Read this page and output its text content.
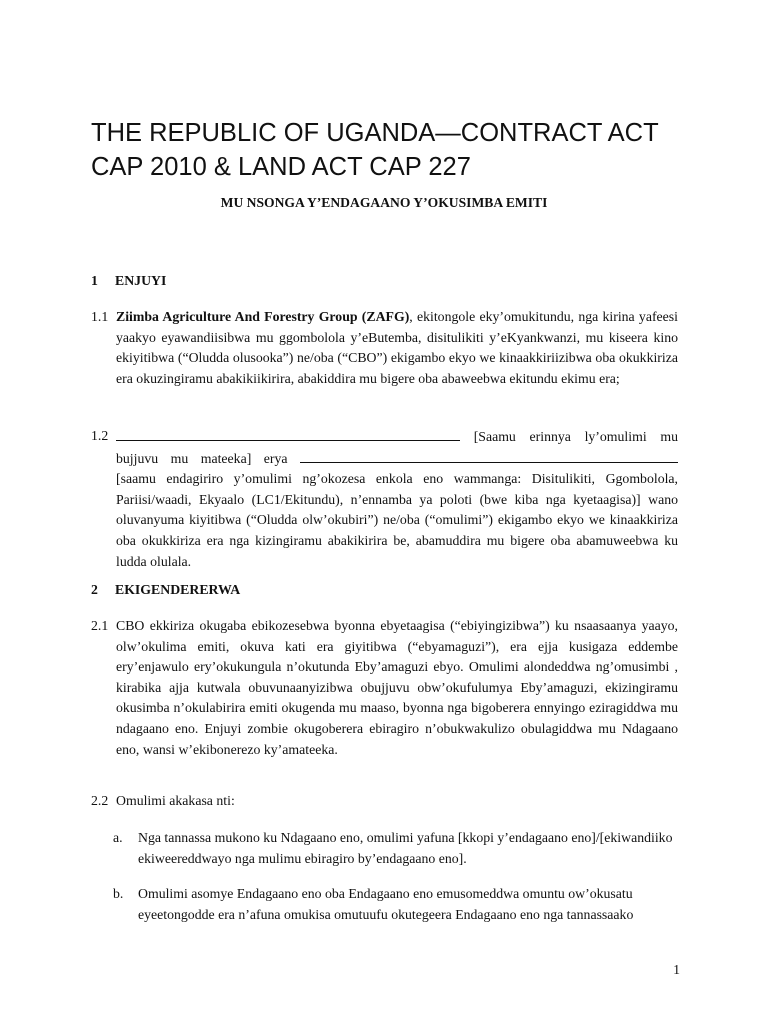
THE REPUBLIC OF UGANDA—CONTRACT ACT
CAP 2010 & LAND ACT CAP 227

MU NSONGA Y’ENDAGAANO Y’OKUSIMBA EMITI

1 ENJUYI
1.1 Ziimba Agriculture And Forestry Group (ZAFG), ekitongole eky’omukitundu, nga kirina yafeesi yaakyo eyawandiisibwa mu ggombolola y’eButemba, disitulikiti y’eKyankwanzi, mu kiseera kino ekiyitibwa (“Oludda olusooka”) ne/oba (“CBO”) ekigambo ekyo we kinaakkiriizibwa oba okukkiriza era okuzingiramu abakikiikirira, abakiddira mu bigere oba abaweebwa ekitundu ekimu era;
1.2	[Saamu erinnya ly’omulimi mu bujjuvu mu mateeka] erya  [saamu endagiriro y’omulimi ng’okozesa enkola eno wammanga: Disitulikiti, Ggombolola, Pariisi/waadi, Ekyaalo (LC1/Ekitundu), n’ennamba ya poloti (bwe kiba nga kyetaagisa)] wano oluvanyuma kiyitibwa (“Oludda olw’okubiri”) ne/oba (“omulimi”) ekigambo ekyo we kinaakkiriza oba okukkiriza era nga kizingiramu abakikirira be, abamuddira mu bigere oba abamuweebwa ku ludda olulala.
2 EKIGENDERERWA
2.1 CBO ekkiriza okugaba ebikozesebwa byonna ebyetaagisa (“ebiyingizibwa”) ku nsaasaanya yaayo, olw’okulima emiti, okuva kati era giyitibwa (“ebyamaguzi”), era ejja kusigaza eddembe ery’enjawulo ery’okukungula n’okutunda Eby’amaguzi ebyo. Omulimi alondeddwa ng’omusimbi , kirabika ajja kutwala obuvunaanyizibwa obujjuvu obw’okufulumya Eby’amaguzi, ekizingiramu okusimba n’okulabirira emiti okugenda mu maaso, byonna nga bigoberera ennyingo eziragiddwa mu ndagaano eno. Enjuyi zombie okugoberera ebiragiro n’obukwakulizo obulagiddwa mu Ndagaano eno, wansi w’ekibonerezo ky’amateeka.
2.2 Omulimi akakasa nti:
a. Nga tannassa mukono ku Ndagaano eno, omulimi yafuna [kkopi y’endagaano eno]/[ekiwandiiko ekiweereddwayo nga mulimu ebiragiro by’endagaano eno].
b. Omulimi asomye Endagaano eno oba Endagaano eno emusomeddwa omuntu ow’okusatu eyeetongodde era n’afuna omukisa omutuufu okutegeera Endagaano eno nga tannassaako
1
